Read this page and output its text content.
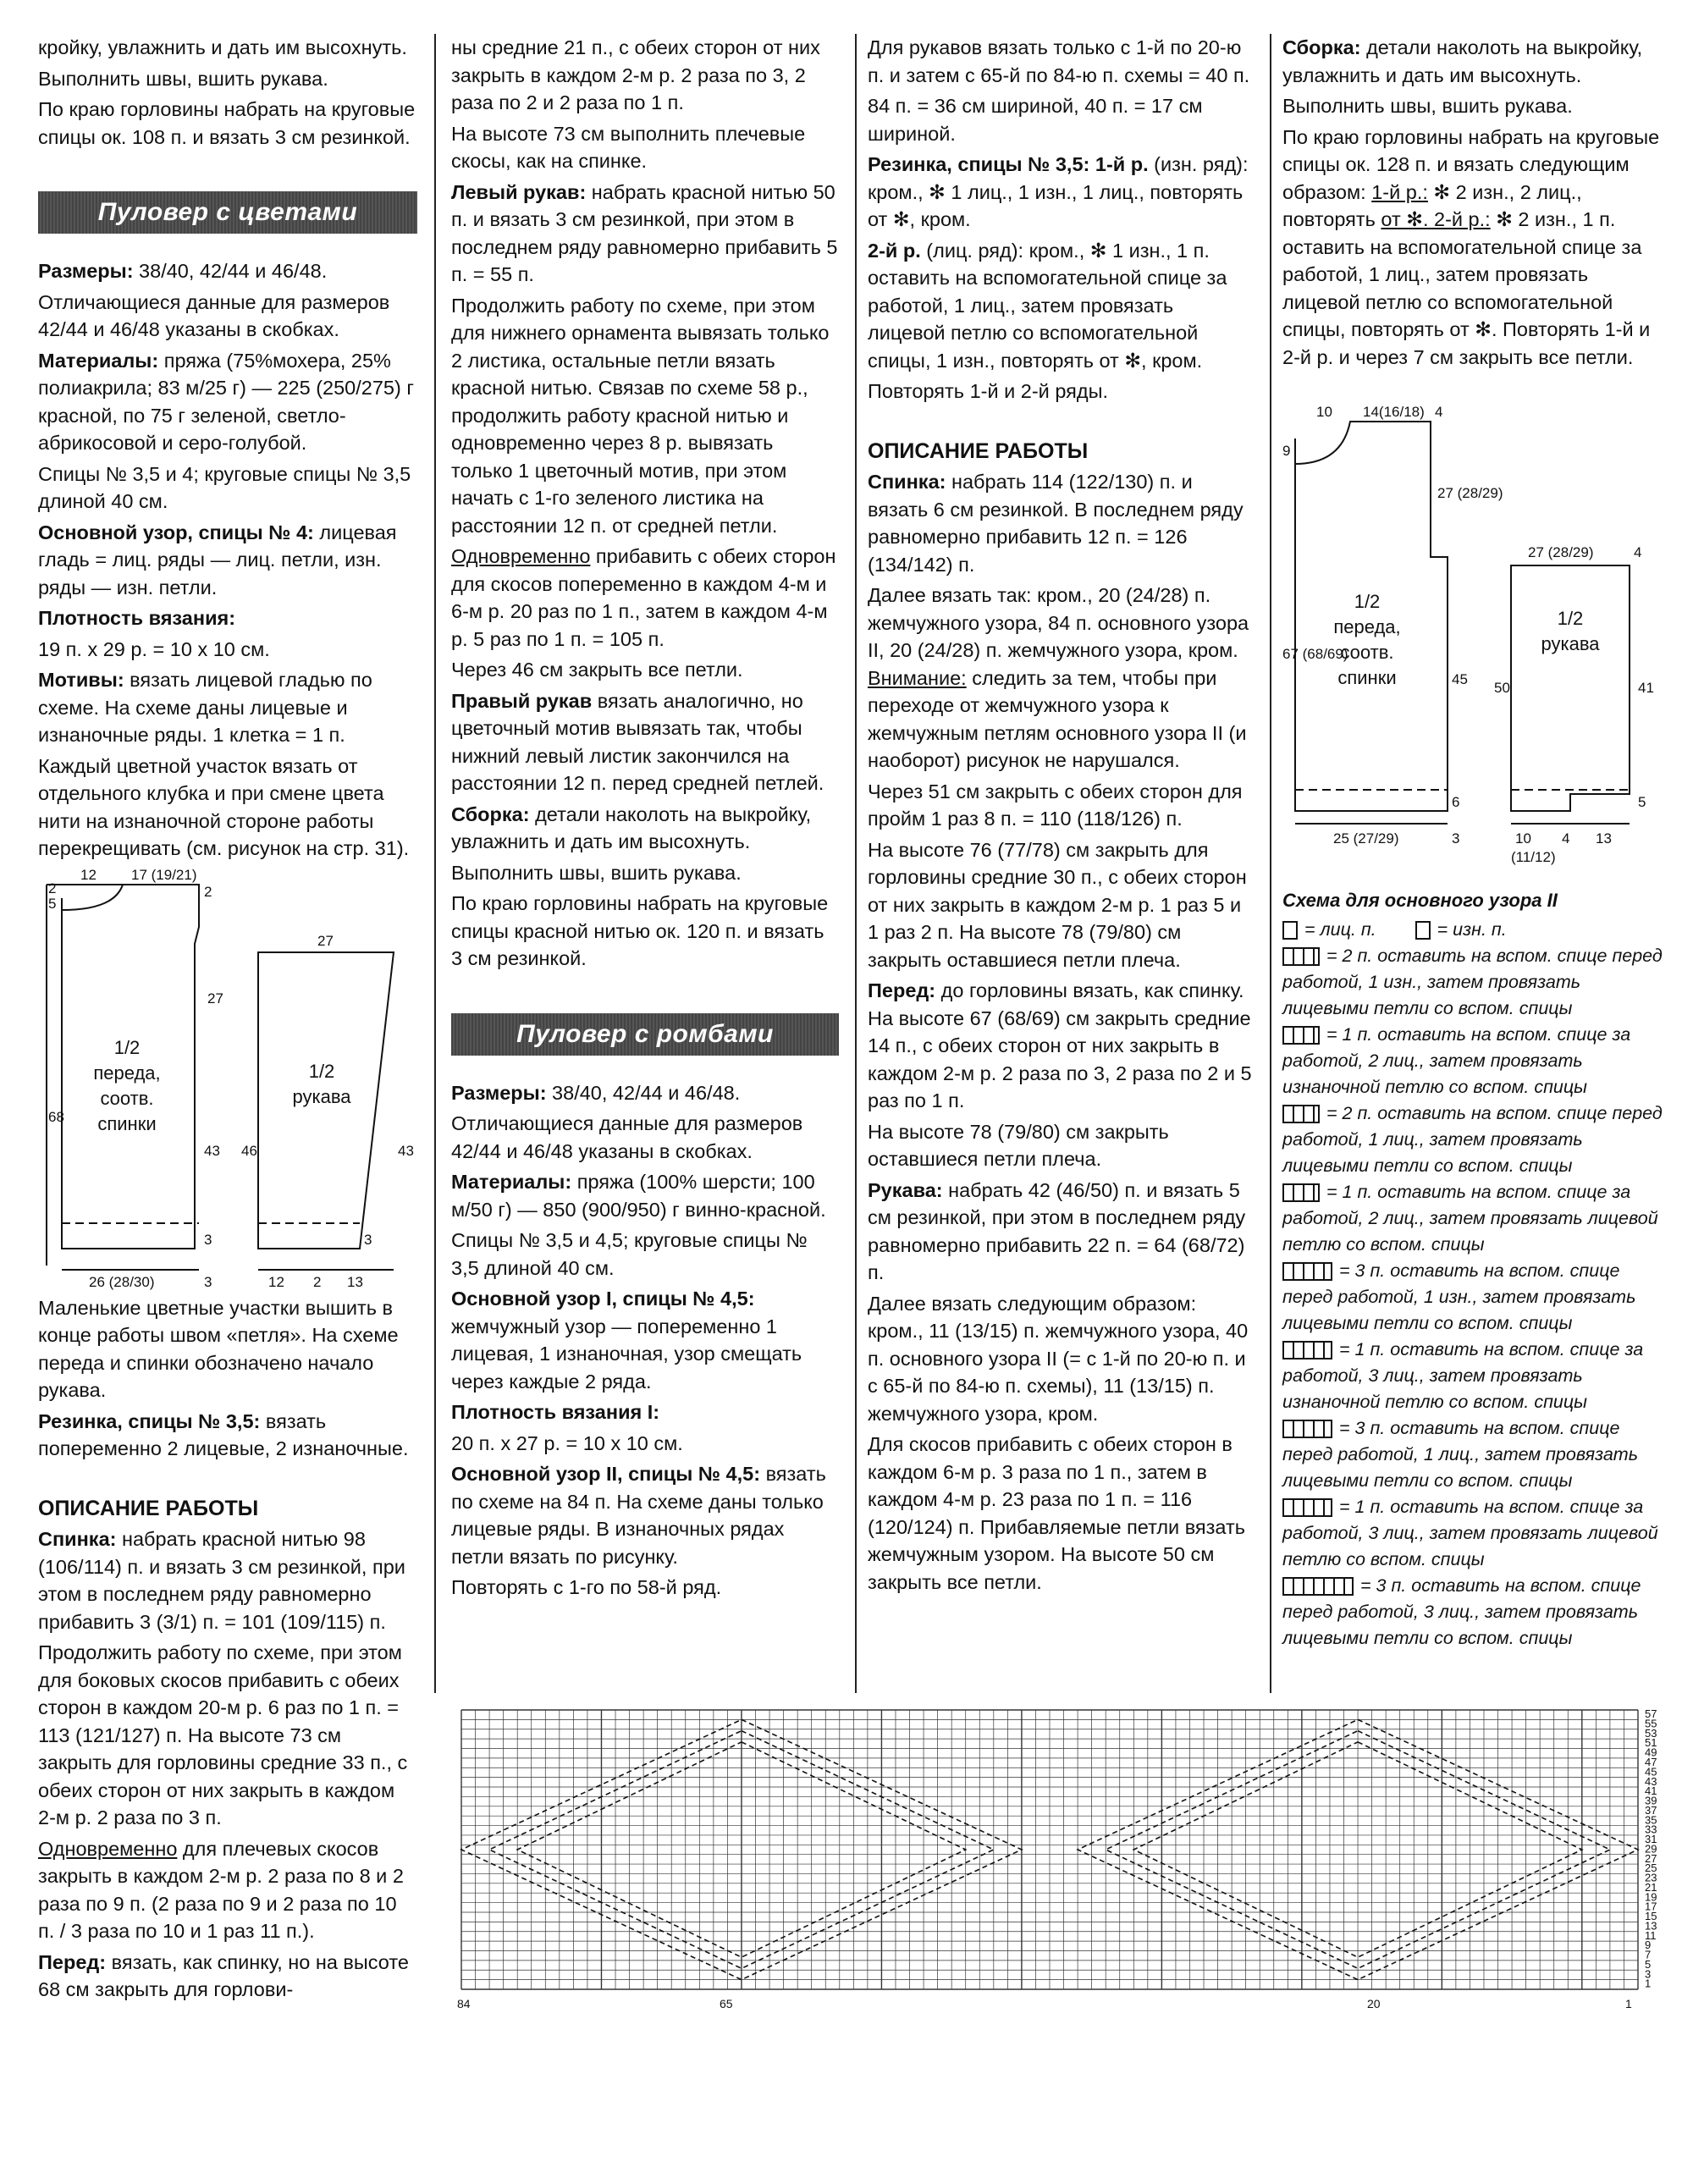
кройку, увлажнить и дать им высохнуть.

Выполнить швы, вшить рукава.

По краю горловины набрать на круговые спицы ок. 108 п. и вязать 3 см резинкой.

Пуловер с цветами

Размеры: 38/40, 42/44 и 46/48.

Отличающиеся данные для размеров 42/44 и 46/48 указаны в скобках.

Материалы: пряжа (75%мохера, 25% полиакрила; 83 м/25 г) — 225 (250/275) г красной, по 75 г зеленой, светло-абрикосовой и серо-голубой.

Спицы № 3,5 и 4; круговые спицы № 3,5 длиной 40 см.

Основной узор, спицы № 4: лицевая гладь = лиц. ряды — лиц. петли, изн. ряды — изн. петли.

Плотность вязания:

19 п. x 29 р. = 10 x 10 см.

Мотивы: вязать лицевой гладью по схеме. На схеме даны лицевые и изнаночные ряды. 1 клетка = 1 п.

Каждый цветной участок вязать от отдельного клубка и при смене цвета нити на изнаночной стороне работы перекрещивать (см. рисунок на стр. 31).

12 17 (19/21)
2
5
2
27
68
43
3
26 (28/30)	3
27
46	43
3
12 2 13
1/2
переда,
соотв.
спинки
1/2
рукава

Маленькие цветные участки вышить в конце работы швом «петля». На схеме переда и спинки обозначено начало рукава.

Резинка, спицы № 3,5: вязать попеременно 2 лицевые, 2 изнаночные.

ОПИСАНИЕ РАБОТЫ

Спинка: набрать красной нитью 98 (106/114) п. и вязать 3 см резинкой, при этом в последнем ряду равномерно прибавить 3 (3/1) п. = 101 (109/115) п.

Продолжить работу по схеме, при этом для боковых скосов прибавить с обеих сторон в каждом 20-м р. 6 раз по 1 п. = 113 (121/127) п. На высоте 73 см закрыть для горловины средние 33 п., с обеих сторон от них закрыть в каждом 2-м р. 2 раза по 3 п.

Одновременно для плечевых скосов закрыть в каждом 2-м р. 2 раза по 8 и 2 раза по 9 п. (2 раза по 9 и 2 раза по 10 п. / 3 раза по 10 и 1 раз 11 п.).

Перед: вязать, как спинку, но на высоте 68 см закрыть для горлови-

ны средние 21 п., с обеих сторон от них закрыть в каждом 2-м р. 2 раза по 3, 2 раза по 2 и 2 раза по 1 п.

На высоте 73 см выполнить плечевые скосы, как на спинке.

Левый рукав: набрать красной нитью 50 п. и вязать 3 см резинкой, при этом в последнем ряду равномерно прибавить 5 п. = 55 п.

Продолжить работу по схеме, при этом для нижнего орнамента вывязать только 2 листика, остальные петли вязать красной нитью. Связав по схеме 58 р., продолжить работу красной нитью и одновременно через 8 р. вывязать только 1 цветочный мотив, при этом начать с 1-го зеленого листика на расстоянии 12 п. от средней петли.

Одновременно прибавить с обеих сторон для скосов попеременно в каждом 4-м и 6-м р. 20 раз по 1 п., затем в каждом 4-м р. 5 раз по 1 п. = 105 п.

Через 46 см закрыть все петли.

Правый рукав вязать аналогично, но цветочный мотив вывязать так, чтобы нижний левый листик закончился на расстоянии 12 п. перед средней петлей.

Сборка: детали наколоть на выкройку, увлажнить и дать им высохнуть.

Выполнить швы, вшить рукава.

По краю горловины набрать на круговые спицы красной нитью ок. 120 п. и вязать 3 см резинкой.

Пуловер с ромбами

Размеры: 38/40, 42/44 и 46/48.

Отличающиеся данные для размеров 42/44 и 46/48 указаны в скобках.

Материалы: пряжа (100% шерсти; 100 м/50 г) — 850 (900/950) г винно-красной.

Спицы № 3,5 и 4,5; круговые спицы № 3,5 длиной 40 см.

Основной узор I, спицы № 4,5: жемчужный узор — попеременно 1 лицевая, 1 изнаночная, узор смещать через каждые 2 ряда.

Плотность вязания I:

20 п. x 27 р. = 10 x 10 см.

Основной узор II, спицы № 4,5: вязать по схеме на 84 п. На схеме даны только лицевые ряды. В изнаночных рядах петли вязать по рисунку.

Повторять с 1-го по 58-й ряд.

Для рукавов вязать только с 1-й по 20-ю п. и затем с 65-й по 84-ю п. схемы = 40 п.

84 п. = 36 см шириной, 40 п. = 17 см шириной.

Резинка, спицы № 3,5: 1-й р. (изн. ряд): кром., ✻ 1 лиц., 1 изн., 1 лиц., повторять от ✻, кром.

2-й р. (лиц. ряд): кром., ✻ 1 изн., 1 п. оставить на вспомогательной спице за работой, 1 лиц., затем провязать лицевой петлю со вспомогательной спицы, 1 изн., повторять от ✻, кром.

Повторять 1-й и 2-й ряды.

ОПИСАНИЕ РАБОТЫ

Спинка: набрать 114 (122/130) п. и вязать 6 см резинкой. В последнем ряду равномерно прибавить 12 п. = 126 (134/142) п.

Далее вязать так: кром., 20 (24/28) п. жемчужного узора, 84 п. основного узора II, 20 (24/28) п. жемчужного узора, кром. Внимание: следить за тем, чтобы при переходе от жемчужного узора к жемчужным петлям основного узора II (и наоборот) рисунок не нарушался.

Через 51 см закрыть с обеих сторон для пройм 1 раз 8 п. = 110 (118/126) п.

На высоте 76 (77/78) см закрыть для горловины средние 30 п., с обеих сторон от них закрыть в каждом 2-м р. 1 раз 5 и 1 раз 2 п. На высоте 78 (79/80) см закрыть оставшиеся петли плеча.

Перед: до горловины вязать, как спинку. На высоте 67 (68/69) см закрыть средние 14 п., с обеих сторон от них закрыть в каждом 2-м р. 2 раза по 3, 2 раза по 2 и 5 раз по 1 п.

На высоте 78 (79/80) см закрыть оставшиеся петли плеча.

Рукава: набрать 42 (46/50) п. и вязать 5 см резинкой, при этом в последнем ряду равномерно прибавить 22 п. = 64 (68/72) п.

Далее вязать следующим образом: кром., 11 (13/15) п. жемчужного узора, 40 п. основного узора II (= с 1-й по 20-ю п. и с 65-й по 84-ю п. схемы), 11 (13/15) п. жемчужного узора, кром.

Для скосов прибавить с обеих сторон в каждом 6-м р. 3 раза по 1 п., затем в каждом 4-м р. 23 раза по 1 п. = 116 (120/124) п. Прибавляемые петли вязать жемчужным узором. На высоте 50 см закрыть все петли.

Сборка: детали наколоть на выкройку, увлажнить и дать им высохнуть.

Выполнить швы, вшить рукава.

По краю горловины набрать на круговые спицы ок. 128 п. и вязать следующим образом: 1-й р.: ✻ 2 изн., 2 лиц., повторять от ✻. 2-й р.: ✻ 2 изн., 1 п. оставить на вспомогательной спице за работой, 1 лиц., затем провязать лицевой петлю со вспомогательной спицы, повторять от ✻. Повторять 1-й и 2-й р. и через 7 см закрыть все петли.

10 14(16/18) 4
9
27 (28/29)
67 (68/69)
45
6
25 (27/29)	3
27 (28/29)	4
50	41
5
10 4 13
(11/12)
1/2
переда,
соотв.
спинки
1/2
рукава
Схема для основного узора II
= лиц. п.	= изн. п.
= 2 п. оставить на вспом. спице перед работой, 1 изн., затем провязать лицевыми петли со вспом. спицы
= 1 п. оставить на вспом. спице за работой, 2 лиц., затем провязать изнаночной петлю со вспом. спицы
= 2 п. оставить на вспом. спице перед работой, 1 лиц., затем провязать лицевыми петли со вспом. спицы
= 1 п. оставить на вспом. спице за работой, 2 лиц., затем провязать лицевой петлю со вспом. спицы
= 3 п. оставить на вспом. спице перед работой, 1 изн., затем провязать лицевыми петли со вспом. спицы
= 1 п. оставить на вспом. спице за работой, 3 лиц., затем провязать изнаночной петлю со вспом. спицы
= 3 п. оставить на вспом. спице перед работой, 1 лиц., затем провязать лицевыми петли со вспом. спицы
= 1 п. оставить на вспом. спице за работой, 3 лиц., затем провязать лицевой петлю со вспом. спицы
= 3 п. оставить на вспом. спице перед работой, 3 лиц., затем провязать лицевыми петли со вспом. спицы
57
55
53
51
49
47
45
43
41
39
37
35
33
31
29
27
25
23
21
19
17
15
13
11
9
7
5
3
1
84	65	20	1
